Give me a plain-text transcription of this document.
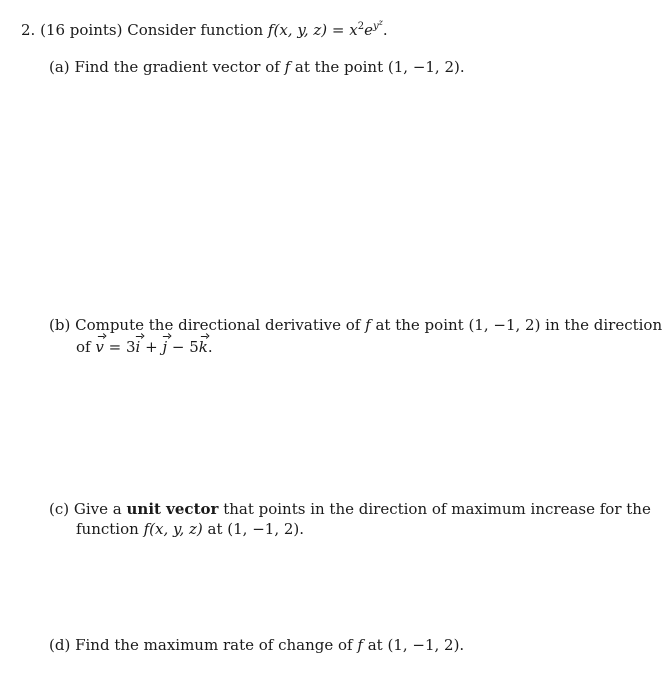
2. (16 points) Consider function f(x, y, $z) = x^2e^{y^z}$.
(a) Find the gradient vector of f at the point (1, −1, 2).
(b) Compute the directional derivative of f at the point (1, −1, 2) in the direction
of v = 3i + j − 5k.
(c) Give a unit vector that points in the direction of maximum increase for the
function f(x, y, z) at (1, −1, 2).
(d) Find the maximum rate of change of f at (1, −1, 2).
